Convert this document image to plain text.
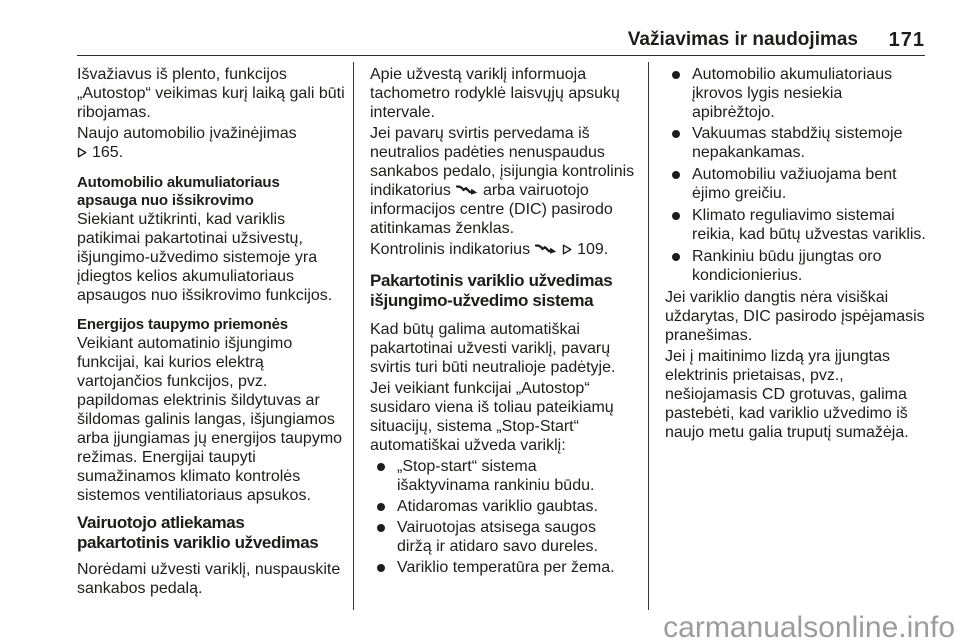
Važiavimas ir naudojimas 171
Išvažiavus iš plento, funkcijos
„Autostop“ veikimas kurį laiką gali būti
ribojamas.
Naujo automobilio įvažinėjimas
165.
Automobilio akumuliatoriaus
apsauga nuo išsikrovimo
Siekiant užtikrinti, kad variklis
patikimai pakartotinai užsivestų,
išjungimo-užvedimo sistemoje yra
įdiegtos kelios akumuliatoriaus
apsaugos nuo išsikrovimo funkcijos.
Energijos taupymo priemonės
Veikiant automatinio išjungimo
funkcijai, kai kurios elektrą
vartojančios funkcijos, pvz.
papildomas elektrinis šildytuvas ar
šildomas galinis langas, išjungiamos
arba įjungiamas jų energijos taupymo
režimas. Energijai taupyti
sumažinamos klimato kontrolės
sistemos ventiliatoriaus apsukos.
Vairuotojo atliekamas
pakartotinis variklio užvedimas
Norėdami užvesti variklį, nuspauskite
sankabos pedalą.
Apie užvestą variklį informuoja
tachometro rodyklė laisvųjų apsukų
intervale.
Jei pavarų svirtis pervedama iš
neutralios padėties nenuspaudus
sankabos pedalo, įsijungia kontrolinis
indikatorius arba vairuotojo
informacijos centre (DIC) pasirodo
atitinkamas ženklas.
Kontrolinis indikatorius	109.
Pakartotinis variklio užvedimas
išjungimo-užvedimo sistema
Kad būtų galima automatiškai
pakartotinai užvesti variklį, pavarų
svirtis turi būti neutralioje padėtyje.
Jei veikiant funkcijai „Autostop“
susidaro viena iš toliau pateikiamų
situacijų, sistema „Stop-Start“
automatiškai užveda variklį:
„Stop-start“ sistema
išaktyvinama rankiniu būdu.
Atidaromas variklio gaubtas.
Vairuotojas atsisega saugos
diržą ir atidaro savo dureles.
Variklio temperatūra per žema.
Automobilio akumuliatoriaus
įkrovos lygis nesiekia
apibrėžtojo.
Vakuumas stabdžių sistemoje
nepakankamas.
Automobiliu važiuojama bent
ėjimo greičiu.
Klimato reguliavimo sistemai
reikia, kad būtų užvestas variklis.
Rankiniu būdu įjungtas oro
kondicionierius.
Jei variklio dangtis nėra visiškai
uždarytas, DIC pasirodo įspėjamasis
pranešimas.
Jei į maitinimo lizdą yra įjungtas
elektrinis prietaisas, pvz.,
nešiojamasis CD grotuvas, galima
pastebėti, kad variklio užvedimo iš
naujo metu galia truputį sumažėja.
carmanualsonline.info
